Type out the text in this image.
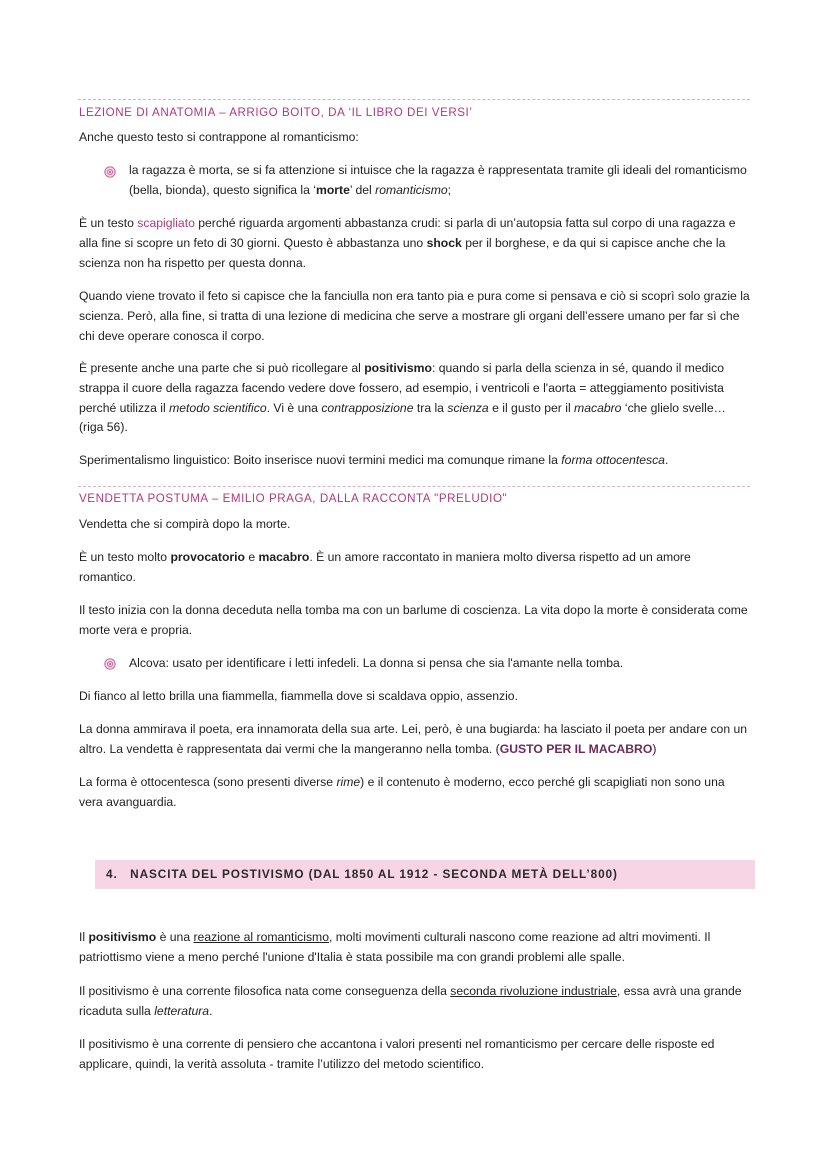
LEZIONE DI ANATOMIA – ARRIGO BOITO, DA ‘IL LIBRO DEI VERSI’

Anche questo testo si contrappone al romanticismo:

la ragazza è morta, se si fa attenzione si intuisce che la ragazza è rappresentata tramite gli ideali del romanticismo (bella, bionda), questo significa la ‘morte’ del romanticismo;

È un testo scapigliato perché riguarda argomenti abbastanza crudi: si parla di un’autopsia fatta sul corpo di una ragazza e alla fine si scopre un feto di 30 giorni. Questo è abbastanza uno shock per il borghese, e da qui si capisce anche che la scienza non ha rispetto per questa donna.

Quando viene trovato il feto si capisce che la fanciulla non era tanto pia e pura come si pensava e ciò si scoprì solo grazie la scienza. Però, alla fine, si tratta di una lezione di medicina che serve a mostrare gli organi dell’essere umano per far sì che chi deve operare conosca il corpo.

È presente anche una parte che si può ricollegare al positivismo: quando si parla della scienza in sé, quando il medico strappa il cuore della ragazza facendo vedere dove fossero, ad esempio, i ventricoli e l'aorta = atteggiamento positivista perché utilizza il metodo scientifico. Vi è una contrapposizione tra la scienza e il gusto per il macabro ‘che glielo svelle… (riga 56).

Sperimentalismo linguistico: Boito inserisce nuovi termini medici ma comunque rimane la forma ottocentesca.

VENDETTA POSTUMA – EMILIO PRAGA, DALLA RACCONTA "PRELUDIO"

Vendetta che si compirà dopo la morte.

È un testo molto provocatorio e macabro. È un amore raccontato in maniera molto diversa rispetto ad un amore romantico.

Il testo inizia con la donna deceduta nella tomba ma con un barlume di coscienza. La vita dopo la morte è considerata come morte vera e propria.

Alcova: usato per identificare i letti infedeli. La donna si pensa che sia l'amante nella tomba.

Di fianco al letto brilla una fiammella, fiammella dove si scaldava oppio, assenzio.

La donna ammirava il poeta, era innamorata della sua arte. Lei, però, è una bugiarda: ha lasciato il poeta per andare con un altro. La vendetta è rappresentata dai vermi che la mangeranno nella tomba. (GUSTO PER IL MACABRO)

La forma è ottocentesca (sono presenti diverse rime) e il contenuto è moderno, ecco perché gli scapigliati non sono una vera avanguardia.

4.   NASCITA DEL POSTIVISMO (DAL 1850 AL 1912 - SECONDA METÀ DELL’800)

Il positivismo è una reazione al romanticismo, molti movimenti culturali nascono come reazione ad altri movimenti. Il patriottismo viene a meno perché l'unione d'Italia è stata possibile ma con grandi problemi alle spalle.

Il positivismo è una corrente filosofica nata come conseguenza della seconda rivoluzione industriale, essa avrà una grande ricaduta sulla letteratura.

Il positivismo è una corrente di pensiero che accantona i valori presenti nel romanticismo per cercare delle risposte ed applicare, quindi, la verità assoluta - tramite l’utilizzo del metodo scientifico.
